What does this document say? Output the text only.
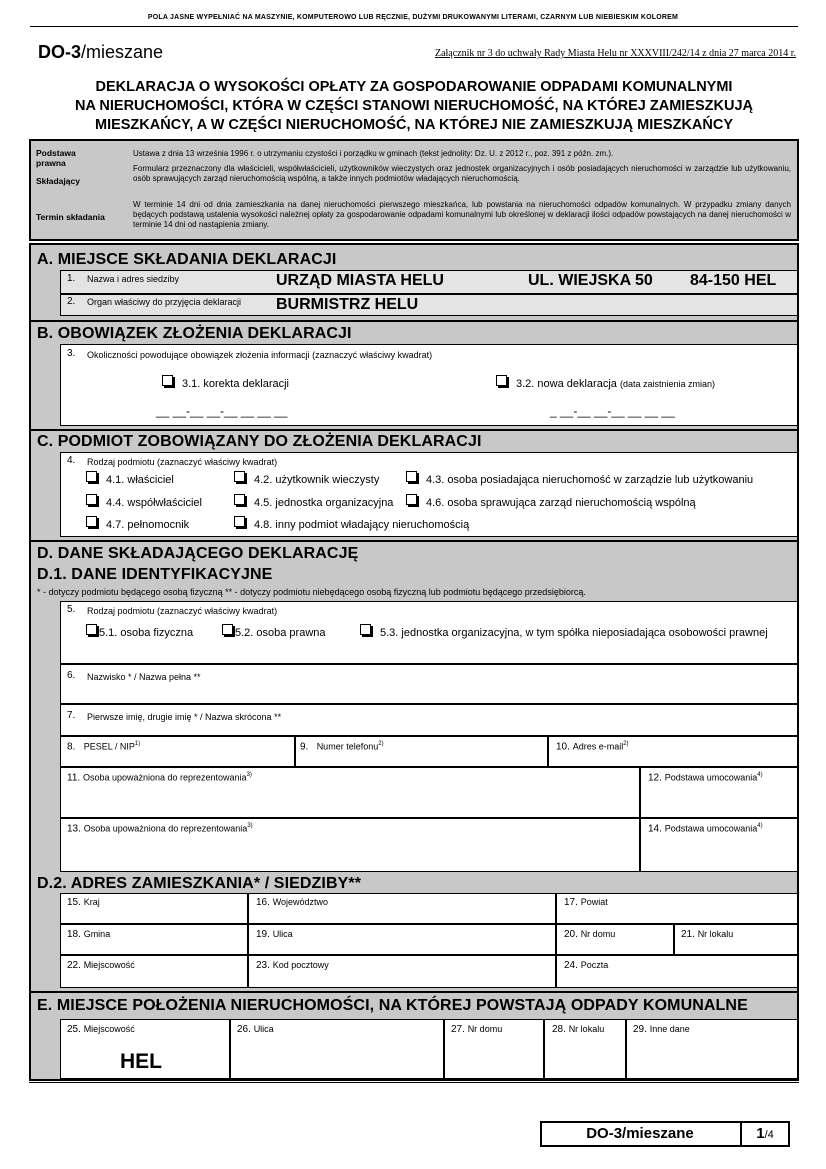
POLA JASNE WYPEŁNIAĆ NA MASZYNIE, KOMPUTEROWO LUB RĘCZNIE, DUŻYMI DRUKOWANYMI LITERAMI, CZARNYM LUB NIEBIESKIM KOLOREM
DO-3/mieszane	Załącznik nr 3 do uchwały Rady Miasta Helu nr XXXVIII/242/14 z dnia 27 marca 2014 r.
DEKLARACJA O WYSOKOŚCI OPŁATY ZA GOSPODAROWANIE ODPADAMI KOMUNALNYMI
NA NIERUCHOMOŚCI, KTÓRA W CZĘŚCI STANOWI NIERUCHOMOŚĆ, NA KTÓREJ ZAMIESZKUJĄ
MIESZKAŃCY, A W CZĘŚCI NIERUCHOMOŚĆ, NA KTÓREJ NIE ZAMIESZKUJĄ MIESZKAŃCY
Podstawa prawna
Ustawa z dnia 13 września 1996 r. o utrzymaniu czystości i porządku w gminach (tekst jednolity: Dz. U. z 2012 r., poz. 391 z późn. zm.).
Składający
Formularz przeznaczony dla właścicieli, współwłaścicieli, użytkowników wieczystych oraz jednostek organizacyjnych i osób posiadających nieruchomości w zarządzie lub użytkowaniu, osób sprawujących zarząd nieruchomością wspólną, a także innych podmiotów władających nieruchomością.
Termin składania
W terminie 14 dni od dnia zamieszkania na danej nieruchomości pierwszego mieszkańca, lub powstania na nieruchomości odpadów komunalnych. W przypadku zmiany danych będących podstawą ustalenia wysokości należnej opłaty za gospodarowanie odpadami komunalnymi lub określonej w deklaracji ilości odpadów powstających na danej nieruchomości w terminie 14 dni od nastąpienia zmiany.
A. MIEJSCE SKŁADANIA DEKLARACJI
1. Nazwa i adres siedziby	URZĄD MIASTA HELU	UL. WIEJSKA 50 84-150 HEL
2. Organ właściwy do przyjęcia deklaracji BURMISTRZ HELU
B. OBOWIĄZEK ZŁOŻENIA DEKLARACJI
3. Okoliczności powodujące obowiązek złożenia informacji (zaznaczyć właściwy kwadrat)
3.1. korekta deklaracji	3.2. nowa deklaracja (data zaistnienia zmian)
__ __-__ __-__ __ __ __	_ __-__ __-__ __ __ __
C. PODMIOT ZOBOWIĄZANY DO ZŁOŻENIA DEKLARACJI
4. Rodzaj podmiotu (zaznaczyć właściwy kwadrat)
4.1. właściciel	4.2. użytkownik wieczysty	4.3. osoba posiadająca nieruchomość w zarządzie lub użytkowaniu
4.4. współwłaściciel	4.5. jednostka organizacyjna	4.6. osoba sprawująca zarząd nieruchomością wspólną
4.7. pełnomocnik	4.8. inny podmiot władający nieruchomością
D. DANE SKŁADAJĄCEGO DEKLARACJĘ
D.1. DANE IDENTYFIKACYJNE
* - dotyczy podmiotu będącego osobą fizyczną ** - dotyczy podmiotu niebędącego osobą fizyczną lub podmiotu będącego przedsiębiorcą.
5. Rodzaj podmiotu (zaznaczyć właściwy kwadrat)
5.1. osoba fizyczna	5.2. osoba prawna	5.3. jednostka organizacyjna, w tym spółka nieposiadająca osobowości prawnej
6. Nazwisko * / Nazwa pełna **
7. Pierwsze imię, drugie imię * / Nazwa skrócona **
8. PESEL / NIP$^{1)}$	9. Numer telefonu$^{2)}$	10. Adres e-mail$^{2)}$
11. Osoba upoważniona do reprezentowania$^{3)}$	12. Podstawa umocowania$^{4)}$
13. Osoba upoważniona do reprezentowania$^{3)}$	14. Podstawa umocowania$^{4)}$
D.2. ADRES ZAMIESZKANIA* / SIEDZIBY**
15. Kraj	16. Województwo	17. Powiat
18. Gmina	19. Ulica	20. Nr domu	21. Nr lokalu
22. Miejscowość	23. Kod pocztowy	24. Poczta
E. MIEJSCE POŁOŻENIA NIERUCHOMOŚCI, NA KTÓREJ POWSTAJĄ ODPADY KOMUNALNE
25. Miejscowość
HEL
26. Ulica	27. Nr domu	28. Nr lokalu	29. Inne dane
DO-3/mieszane	1/4
